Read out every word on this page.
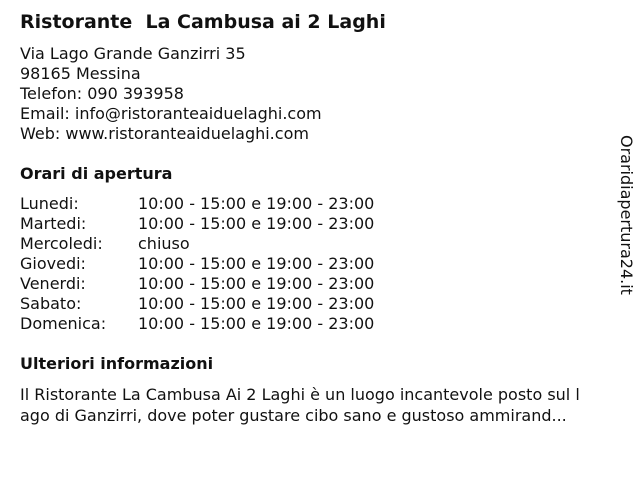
Ristorante  La Cambusa ai 2 Laghi
Via Lago Grande Ganzirri 35
98165 Messina
Telefon: 090 393958
Email: info@ristoranteaiduelaghi.com
Web: www.ristoranteaiduelaghi.com
Orari di apertura
Lunedi:	10:00 - 15:00 e 19:00 - 23:00
Martedi:	10:00 - 15:00 e 19:00 - 23:00
Mercoledi: chiuso
Giovedi:	10:00 - 15:00 e 19:00 - 23:00
Venerdi:	10:00 - 15:00 e 19:00 - 23:00
Sabato:	10:00 - 15:00 e 19:00 - 23:00
Domenica: 10:00 - 15:00 e 19:00 - 23:00
Ulteriori informazioni

Il Ristorante La Cambusa Ai 2 Laghi è un luogo incantevole posto sul l
ago di Ganzirri, dove poter gustare cibo sano e gustoso ammirand...

Oraridiapertura24.it
